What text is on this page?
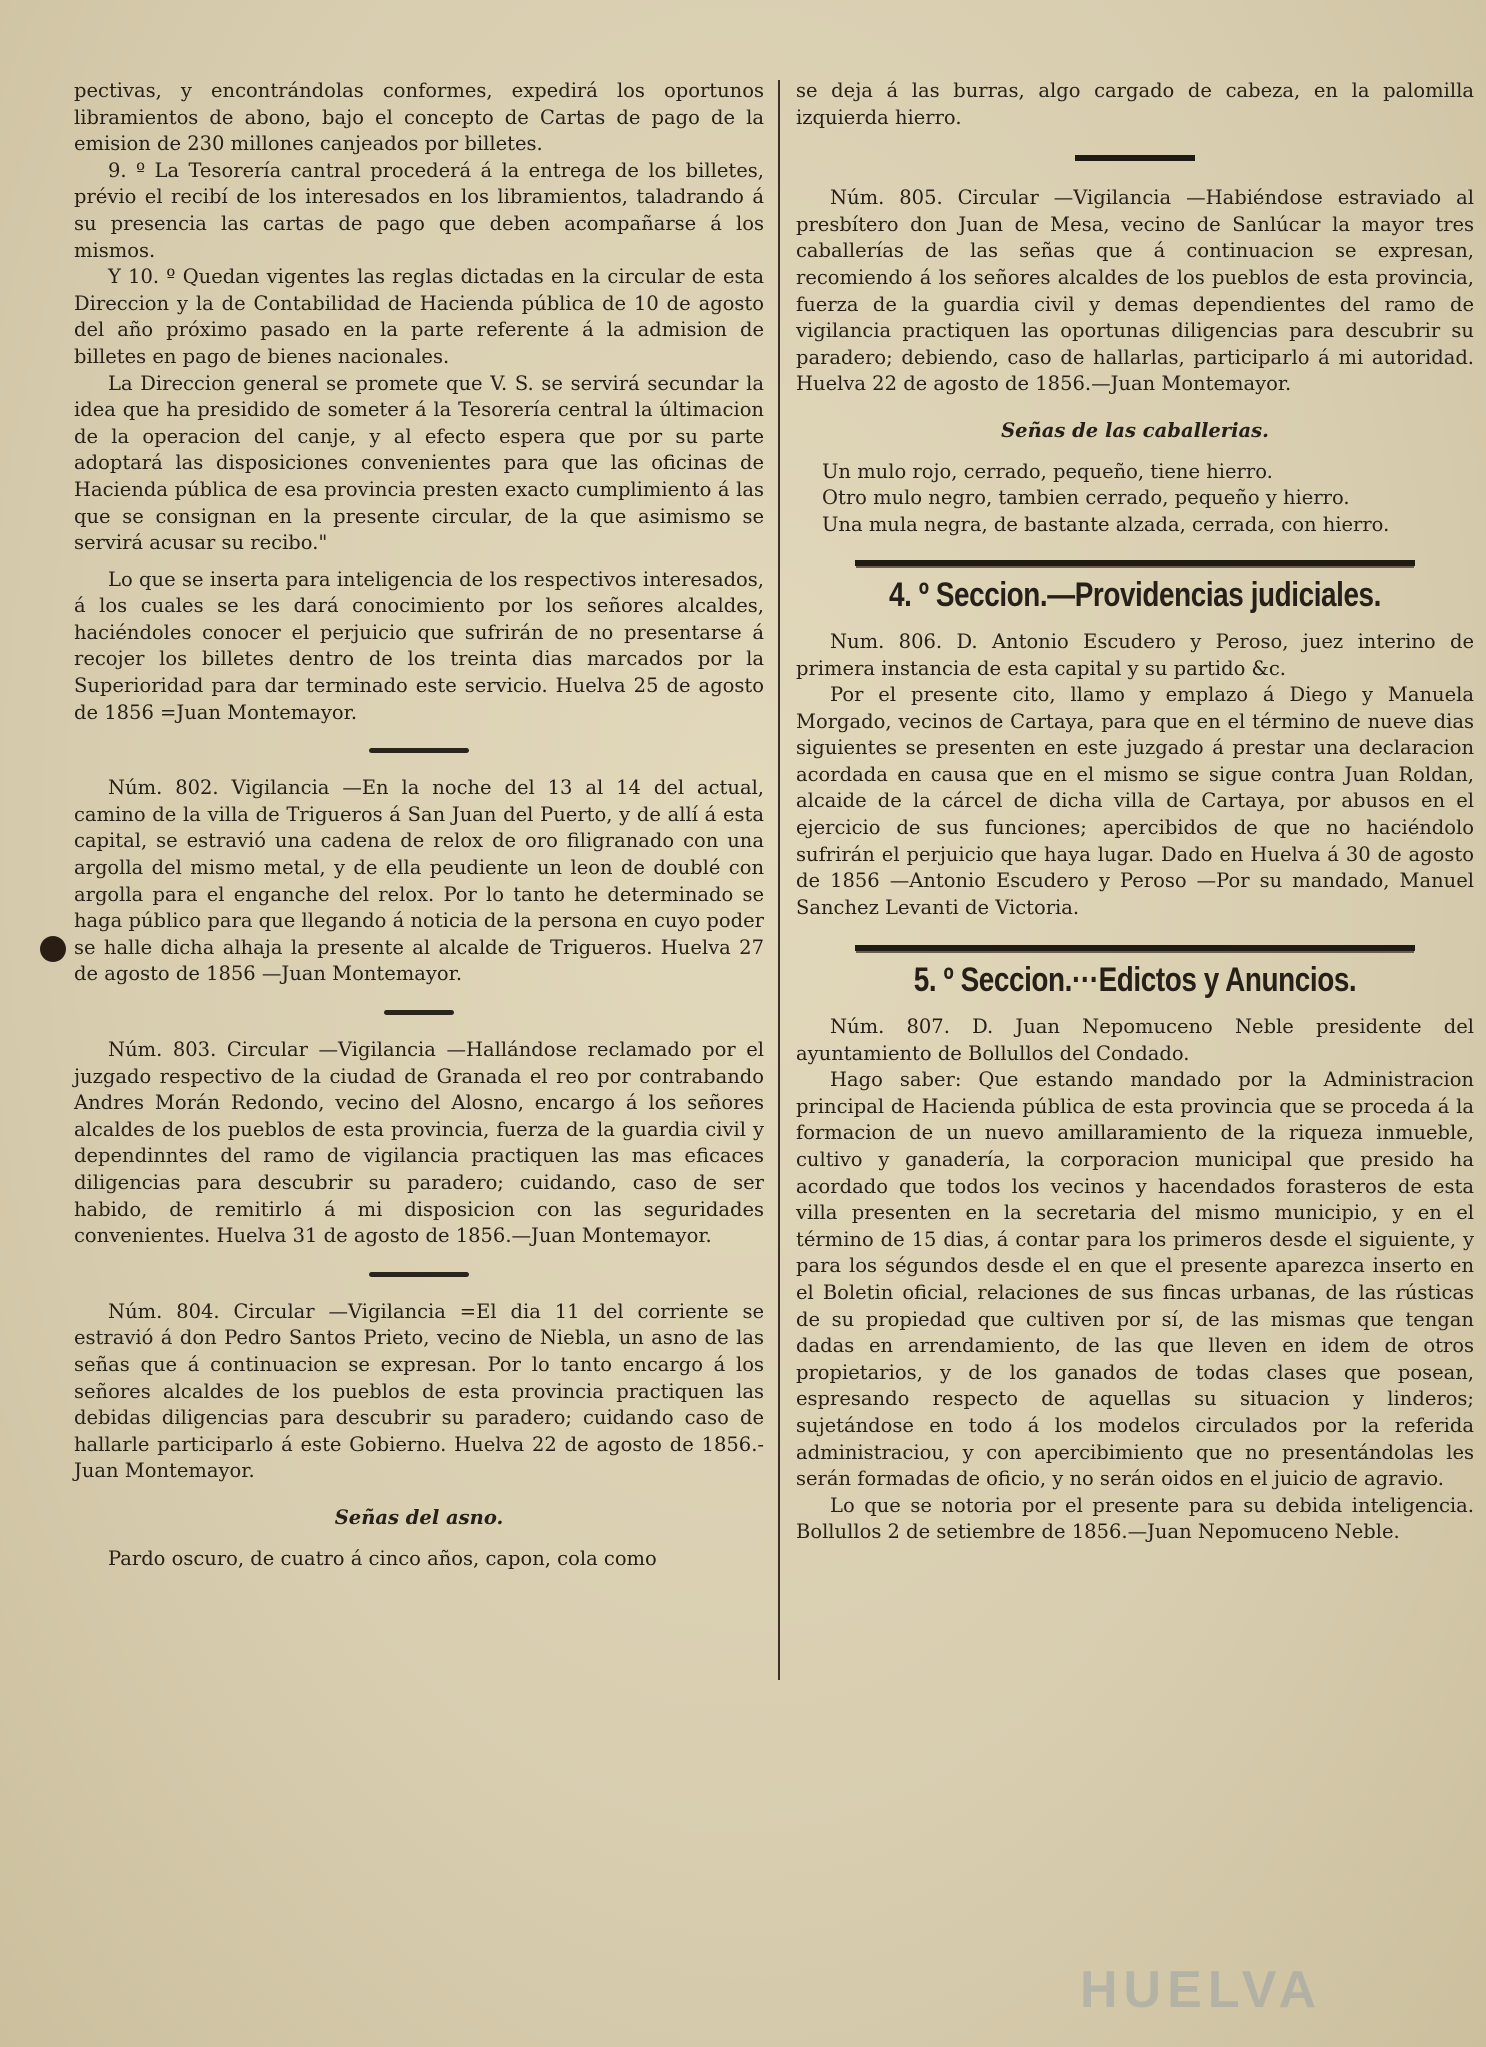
pectivas, y encontrándolas conformes, expedirá los oportunos libramientos de abono, bajo el concepto de Cartas de pago de la emision de 230 millones canjeados por billetes.

9. º La Tesorería cantral procederá á la entrega de los billetes, prévio el recibí de los interesados en los libramientos, taladrando á su presencia las cartas de pago que deben acompañarse á los mismos.

Y 10. º Quedan vigentes las reglas dictadas en la circular de esta Direccion y la de Contabilidad de Hacienda pública de 10 de agosto del año próximo pasado en la parte referente á la admision de billetes en pago de bienes nacionales.

La Direccion general se promete que V. S. se servirá secundar la idea que ha presidido de someter á la Tesorería central la últimacion de la operacion del canje, y al efecto espera que por su parte adoptará las disposiciones convenientes para que las oficinas de Hacienda pública de esa provincia presten exacto cumplimiento á las que se consignan en la presente circular, de la que asimismo se servirá acusar su recibo."

Lo que se inserta para inteligencia de los respectivos interesados, á los cuales se les dará conocimiento por los señores alcaldes, haciéndoles conocer el perjuicio que sufrirán de no presentarse á recojer los billetes dentro de los treinta dias marcados por la Superioridad para dar terminado este servicio. Huelva 25 de agosto de 1856 =Juan Montemayor.

Núm. 802. Vigilancia —En la noche del 13 al 14 del actual, camino de la villa de Trigueros á San Juan del Puerto, y de allí á esta capital, se estravió una cadena de relox de oro filigranado con una argolla del mismo metal, y de ella peudiente un leon de doublé con argolla para el enganche del relox. Por lo tanto he determinado se haga público para que llegando á noticia de la persona en cuyo poder se halle dicha alhaja la presente al alcalde de Trigueros. Huelva 27 de agosto de 1856 —Juan Montemayor.

Núm. 803. Circular —Vigilancia —Hallándose reclamado por el juzgado respectivo de la ciudad de Granada el reo por contrabando Andres Morán Redondo, vecino del Alosno, encargo á los señores alcaldes de los pueblos de esta provincia, fuerza de la guardia civil y dependinntes del ramo de vigilancia practiquen las mas eficaces diligencias para descubrir su paradero; cuidando, caso de ser habido, de remitirlo á mi disposicion con las seguridades convenientes. Huelva 31 de agosto de 1856.—Juan Montemayor.

Núm. 804. Circular —Vigilancia =El dia 11 del corriente se estravió á don Pedro Santos Prieto, vecino de Niebla, un asno de las señas que á continuacion se expresan. Por lo tanto encargo á los señores alcaldes de los pueblos de esta provincia practiquen las debidas diligencias para descubrir su paradero; cuidando caso de hallarle participarlo á este Gobierno. Huelva 22 de agosto de 1856.-Juan Montemayor.

Señas del asno.

Pardo oscuro, de cuatro á cinco años, capon, cola como

se deja á las burras, algo cargado de cabeza, en la palomilla izquierda hierro.

Núm. 805. Circular —Vigilancia —Habiéndose estraviado al presbítero don Juan de Mesa, vecino de Sanlúcar la mayor tres caballerías de las señas que á continuacion se expresan, recomiendo á los señores alcaldes de los pueblos de esta provincia, fuerza de la guardia civil y demas dependientes del ramo de vigilancia practiquen las oportunas diligencias para descubrir su paradero; debiendo, caso de hallarlas, participarlo á mi autoridad. Huelva 22 de agosto de 1856.—Juan Montemayor.

Señas de las caballerias.

Un mulo rojo, cerrado, pequeño, tiene hierro.

Otro mulo negro, tambien cerrado, pequeño y hierro.

Una mula negra, de bastante alzada, cerrada, con hierro.

4. º Seccion.—Providencias judiciales.

Num. 806. D. Antonio Escudero y Peroso, juez interino de primera instancia de esta capital y su partido &c.

Por el presente cito, llamo y emplazo á Diego y Manuela Morgado, vecinos de Cartaya, para que en el término de nueve dias siguientes se presenten en este juzgado á prestar una declaracion acordada en causa que en el mismo se sigue contra Juan Roldan, alcaide de la cárcel de dicha villa de Cartaya, por abusos en el ejercicio de sus funciones; apercibidos de que no haciéndolo sufrirán el perjuicio que haya lugar. Dado en Huelva á 30 de agosto de 1856 —Antonio Escudero y Peroso —Por su mandado, Manuel Sanchez Levanti de Victoria.

5. º Seccion.···Edictos y Anuncios.

Núm. 807. D. Juan Nepomuceno Neble presidente del ayuntamiento de Bollullos del Condado.

Hago saber: Que estando mandado por la Administracion principal de Hacienda pública de esta provincia que se proceda á la formacion de un nuevo amillaramiento de la riqueza inmueble, cultivo y ganadería, la corporacion municipal que presido ha acordado que todos los vecinos y hacendados forasteros de esta villa presenten en la secretaria del mismo municipio, y en el término de 15 dias, á contar para los primeros desde el siguiente, y para los ségundos desde el en que el presente aparezca inserto en el Boletin oficial, relaciones de sus fincas urbanas, de las rústicas de su propiedad que cultiven por sí, de las mismas que tengan dadas en arrendamiento, de las que lleven en idem de otros propietarios, y de los ganados de todas clases que posean, espresando respecto de aquellas su situacion y linderos; sujetándose en todo á los modelos circulados por la referida administraciou, y con apercibimiento que no presentándolas les serán formadas de oficio, y no serán oidos en el juicio de agravio.

Lo que se notoria por el presente para su debida inteligencia. Bollullos 2 de setiembre de 1856.—Juan Nepomuceno Neble.

HUELVA
